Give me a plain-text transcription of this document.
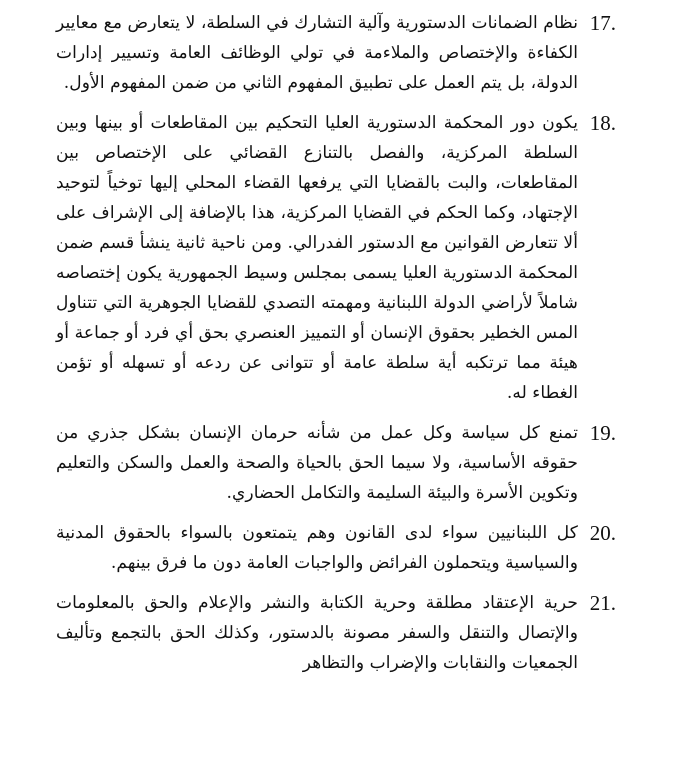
17.

نظام الضمانات الدستورية وآلية التشارك في السلطة، لا يتعارض مع معايير الكفاءة والإختصاص والملاءمة في تولي الوظائف العامة وتسيير إدارات الدولة، بل يتم العمل على تطبيق المفهوم الثاني من ضمن المفهوم الأول.

18.

يكون دور المحكمة الدستورية العليا التحكيم بين المقاطعات أو بينها وبين السلطة المركزية، والفصل بالتنازع القضائي على الإختصاص بين المقاطعات، والبت بالقضايا التي يرفعها القضاء المحلي إليها توخياً لتوحيد الإجتهاد، وكما الحكم في القضايا المركزية، هذا بالإضافة إلى الإشراف على ألا تتعارض القوانين مع الدستور الفدرالي. ومن ناحية ثانية ينشأ قسم ضمن المحكمة الدستورية العليا يسمى بمجلس وسيط الجمهورية يكون إختصاصه شاملاً لأراضي الدولة اللبنانية ومهمته التصدي للقضايا الجوهرية التي تتناول المس الخطير بحقوق الإنسان أو التمييز العنصري بحق أي فرد أو جماعة أو هيئة مما ترتكبه أية سلطة عامة أو تتوانى عن ردعه أو تسهله أو تؤمن الغطاء له.

19.

تمنع كل سياسة وكل عمل من شأنه حرمان الإنسان بشكل جذري من حقوقه الأساسية، ولا سيما الحق بالحياة والصحة والعمل والسكن والتعليم وتكوين الأسرة والبيئة السليمة والتكامل الحضاري.

20.

كل اللبنانيين سواء لدى القانون وهم يتمتعون بالسواء بالحقوق المدنية والسياسية ويتحملون الفرائض والواجبات العامة دون ما فرق بينهم.

21.

حرية الإعتقاد مطلقة وحرية الكتابة والنشر والإعلام والحق بالمعلومات والإتصال والتنقل والسفر مصونة بالدستور، وكذلك الحق بالتجمع وتأليف الجمعيات والنقابات والإضراب والتظاهر
